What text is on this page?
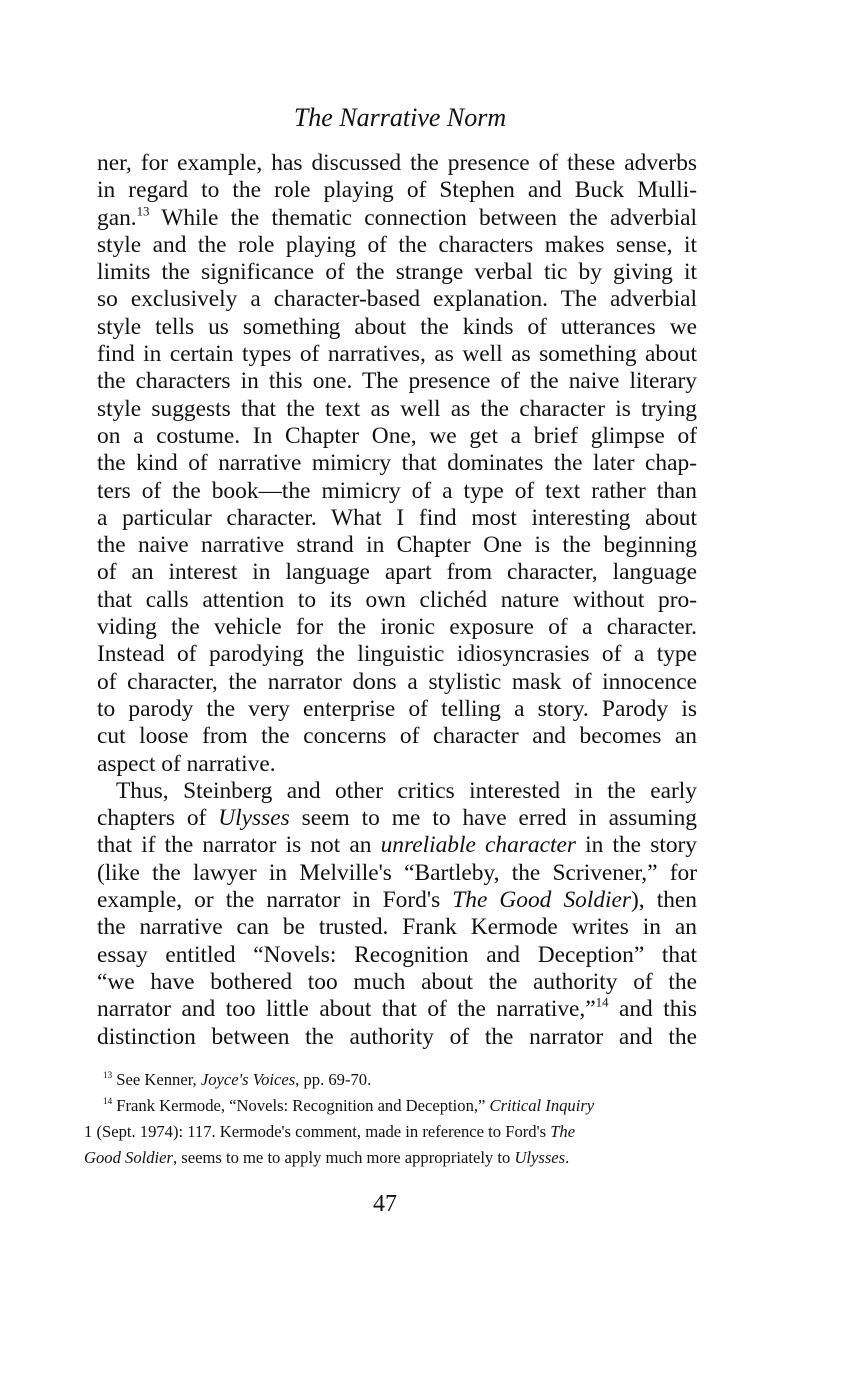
The Narrative Norm
ner, for example, has discussed the presence of these adverbs
in regard to the role playing of Stephen and Buck Mulli-
gan.$^{13}$ While the thematic connection between the adverbial
style and the role playing of the characters makes sense, it
limits the significance of the strange verbal tic by giving it
so exclusively a character-based explanation. The adverbial
style tells us something about the kinds of utterances we
find in certain types of narratives, as well as something about
the characters in this one. The presence of the naive literary
style suggests that the text as well as the character is trying
on a costume. In Chapter One, we get a brief glimpse of
the kind of narrative mimicry that dominates the later chap-
ters of the book—the mimicry of a type of text rather than
a particular character. What I find most interesting about
the naive narrative strand in Chapter One is the beginning
of an interest in language apart from character, language
that calls attention to its own clichéd nature without pro-
viding the vehicle for the ironic exposure of a character.
Instead of parodying the linguistic idiosyncrasies of a type
of character, the narrator dons a stylistic mask of innocence
to parody the very enterprise of telling a story. Parody is
cut loose from the concerns of character and becomes an
aspect of narrative.
Thus, Steinberg and other critics interested in the early
chapters of Ulysses seem to me to have erred in assuming
that if the narrator is not an unreliable character in the story
(like the lawyer in Melville's “Bartleby, the Scrivener,” for
example, or the narrator in Ford's The Good Soldier), then
the narrative can be trusted. Frank Kermode writes in an
essay entitled “Novels: Recognition and Deception” that
“we have bothered too much about the authority of the
narrator and too little about that of the narrative,”$^{14}$ and this
distinction between the authority of the narrator and the
$^{13}$ See Kenner, Joyce's Voices, pp. 69-70.
$^{14}$ Frank Kermode, “Novels: Recognition and Deception,” Critical Inquiry
1 (Sept. 1974): 117. Kermode's comment, made in reference to Ford's The
Good Soldier, seems to me to apply much more appropriately to Ulysses.
47
